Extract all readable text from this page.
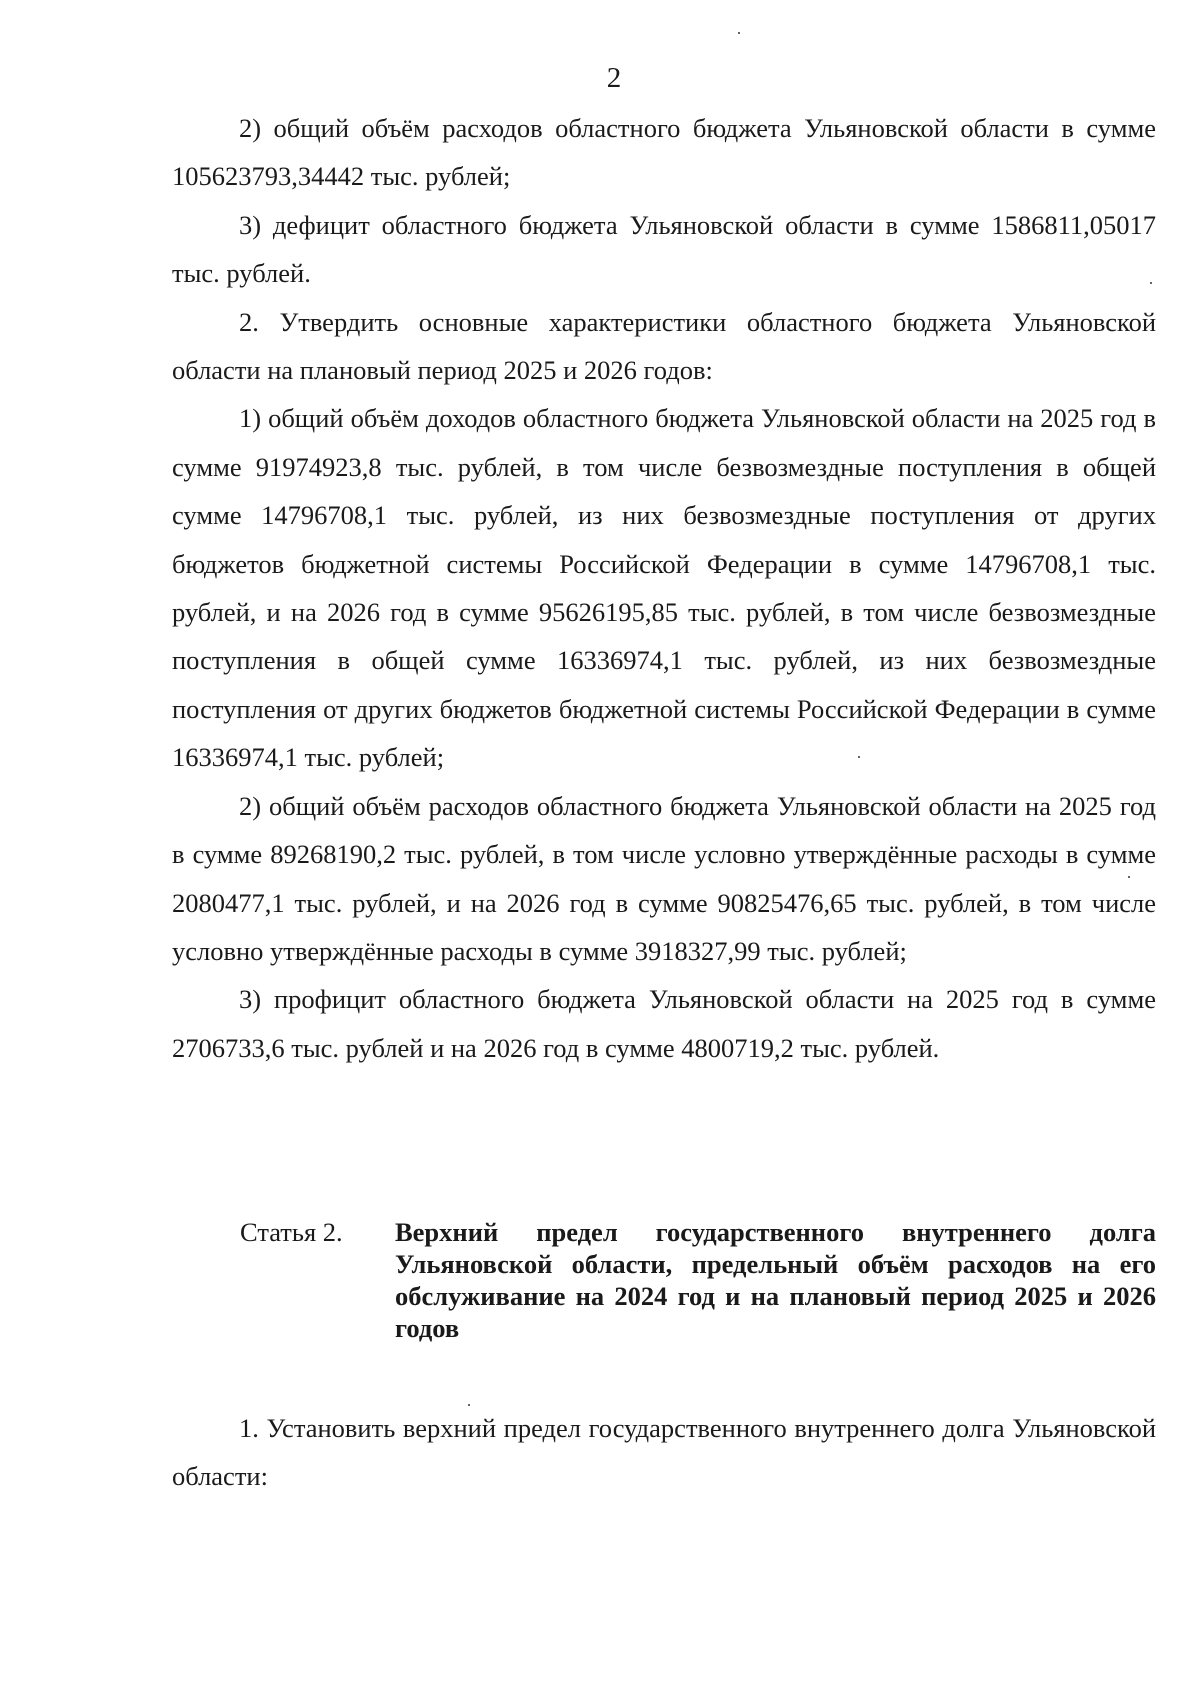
2

2) общий объём расходов областного бюджета Ульяновской области в сумме 105623793,34442 тыс. рублей;

3) дефицит областного бюджета Ульяновской области в сумме 1586811,05017 тыс. рублей.

2. Утвердить основные характеристики областного бюджета Ульяновской области на плановый период 2025 и 2026 годов:

1) общий объём доходов областного бюджета Ульяновской области на 2025 год в сумме 91974923,8 тыс. рублей, в том числе безвозмездные поступления в общей сумме 14796708,1 тыс. рублей, из них безвозмездные поступления от других бюджетов бюджетной системы Российской Федерации в сумме 14796708,1 тыс. рублей, и на 2026 год в сумме 95626195,85 тыс. рублей, в том числе безвозмездные поступления в общей сумме 16336974,1 тыс. рублей, из них безвозмездные поступления от других бюджетов бюджетной системы Российской Федерации в сумме 16336974,1 тыс. рублей;

2) общий объём расходов областного бюджета Ульяновской области на 2025 год в сумме 89268190,2 тыс. рублей, в том числе условно утверждённые расходы в сумме 2080477,1 тыс. рублей, и на 2026 год в сумме 90825476,65 тыс. рублей, в том числе условно утверждённые расходы в сумме 3918327,99 тыс. рублей;

3) профицит областного бюджета Ульяновской области на 2025 год в сумме 2706733,6 тыс. рублей и на 2026 год в сумме 4800719,2 тыс. рублей.

Статья 2.	Верхний предел государственного внутреннего долга Ульяновской области, предельный объём расходов на его обслуживание на 2024 год и на плановый период 2025 и 2026 годов

1. Установить верхний предел государственного внутреннего долга Ульяновской области:
